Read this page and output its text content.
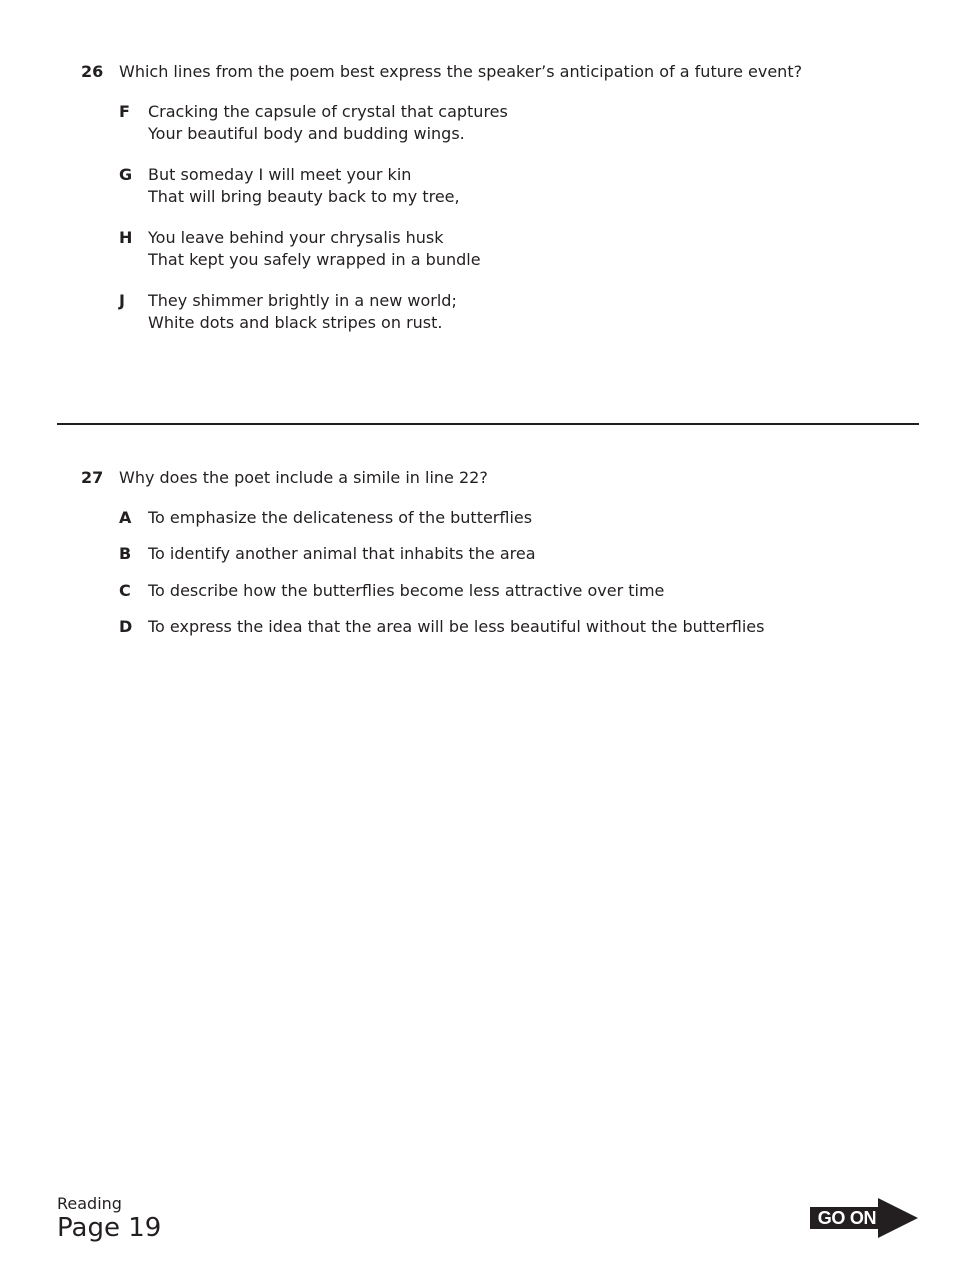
26 Which lines from the poem best express the speaker’s anticipation of a future event?
F Cracking the capsule of crystal that captures
Your beautiful body and budding wings.
G But someday I will meet your kin
That will bring beauty back to my tree,
H You leave behind your chrysalis husk
That kept you safely wrapped in a bundle
J They shimmer brightly in a new world;
White dots and black stripes on rust.
27 Why does the poet include a simile in line 22?
A To emphasize the delicateness of the butterflies
B To identify another animal that inhabits the area
C To describe how the butterflies become less attractive over time
D To express the idea that the area will be less beautiful without the butterflies
Reading
Page 19	GO ON
